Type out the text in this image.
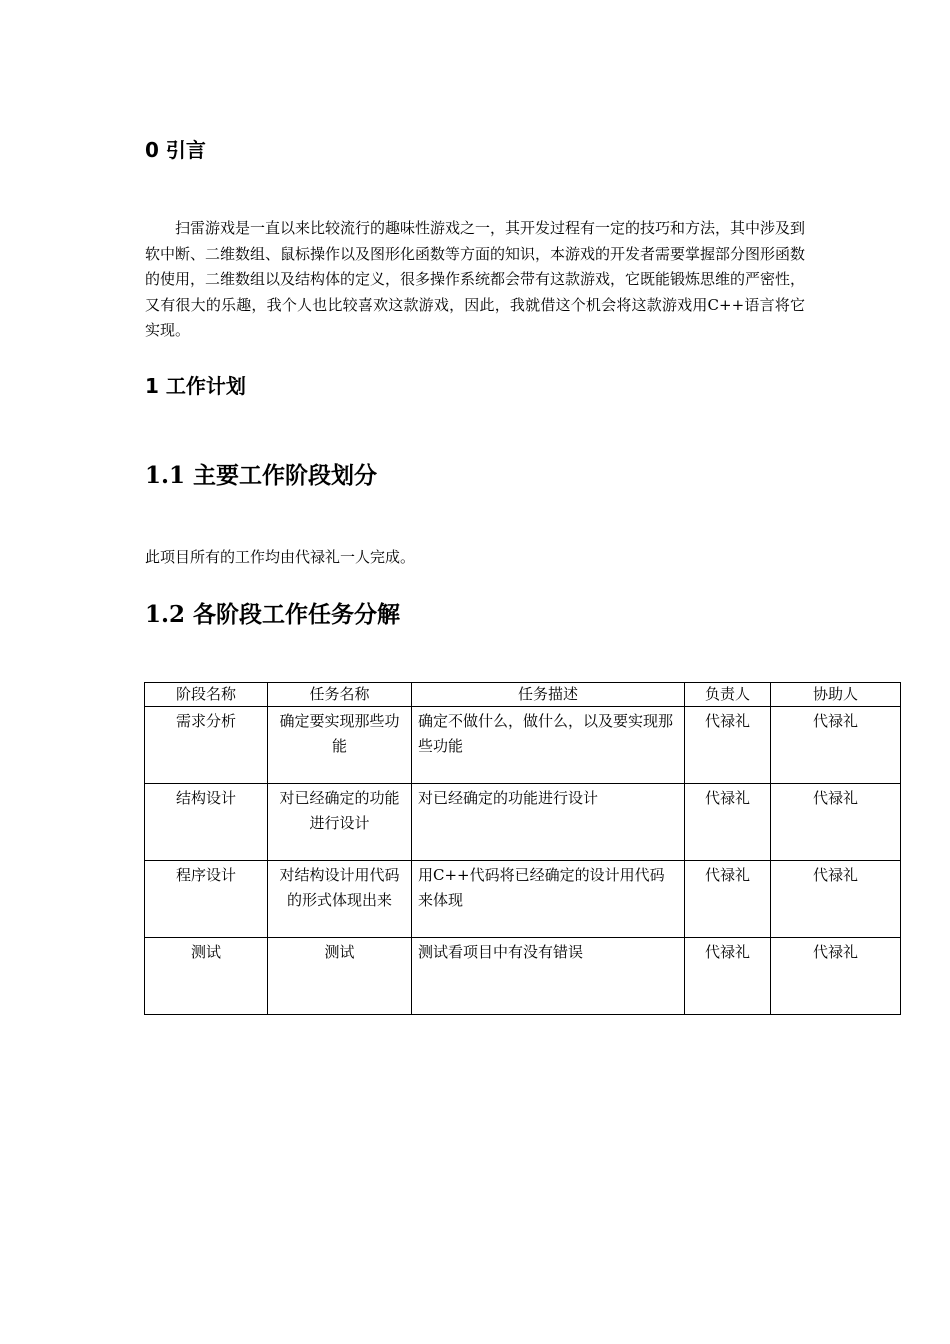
0 引言
扫雷游戏是一直以来比较流行的趣味性游戏之一，其开发过程有一定的技巧和方法，其中涉及到软中断、二维数组、鼠标操作以及图形化函数等方面的知识，本游戏的开发者需要掌握部分图形函数的使用，二维数组以及结构体的定义，很多操作系统都会带有这款游戏，它既能锻炼思维的严密性，又有很大的乐趣，我个人也比较喜欢这款游戏，因此，我就借这个机会将这款游戏用C++语言将它实现。
1 工作计划
1.1 主要工作阶段划分
此项目所有的工作均由代禄礼一人完成。
1.2 各阶段工作任务分解
阶段名称	任务名称	任务描述	负责人	协助人
需求分析	确定要实现那些功能	确定不做什么，做什么，以及要实现那些功能	代禄礼	代禄礼
结构设计	对已经确定的功能进行设计	对已经确定的功能进行设计	代禄礼	代禄礼
程序设计	对结构设计用代码的形式体现出来	用C++代码将已经确定的设计用代码来体现	代禄礼	代禄礼
测试	测试	测试看项目中有没有错误	代禄礼	代禄礼
